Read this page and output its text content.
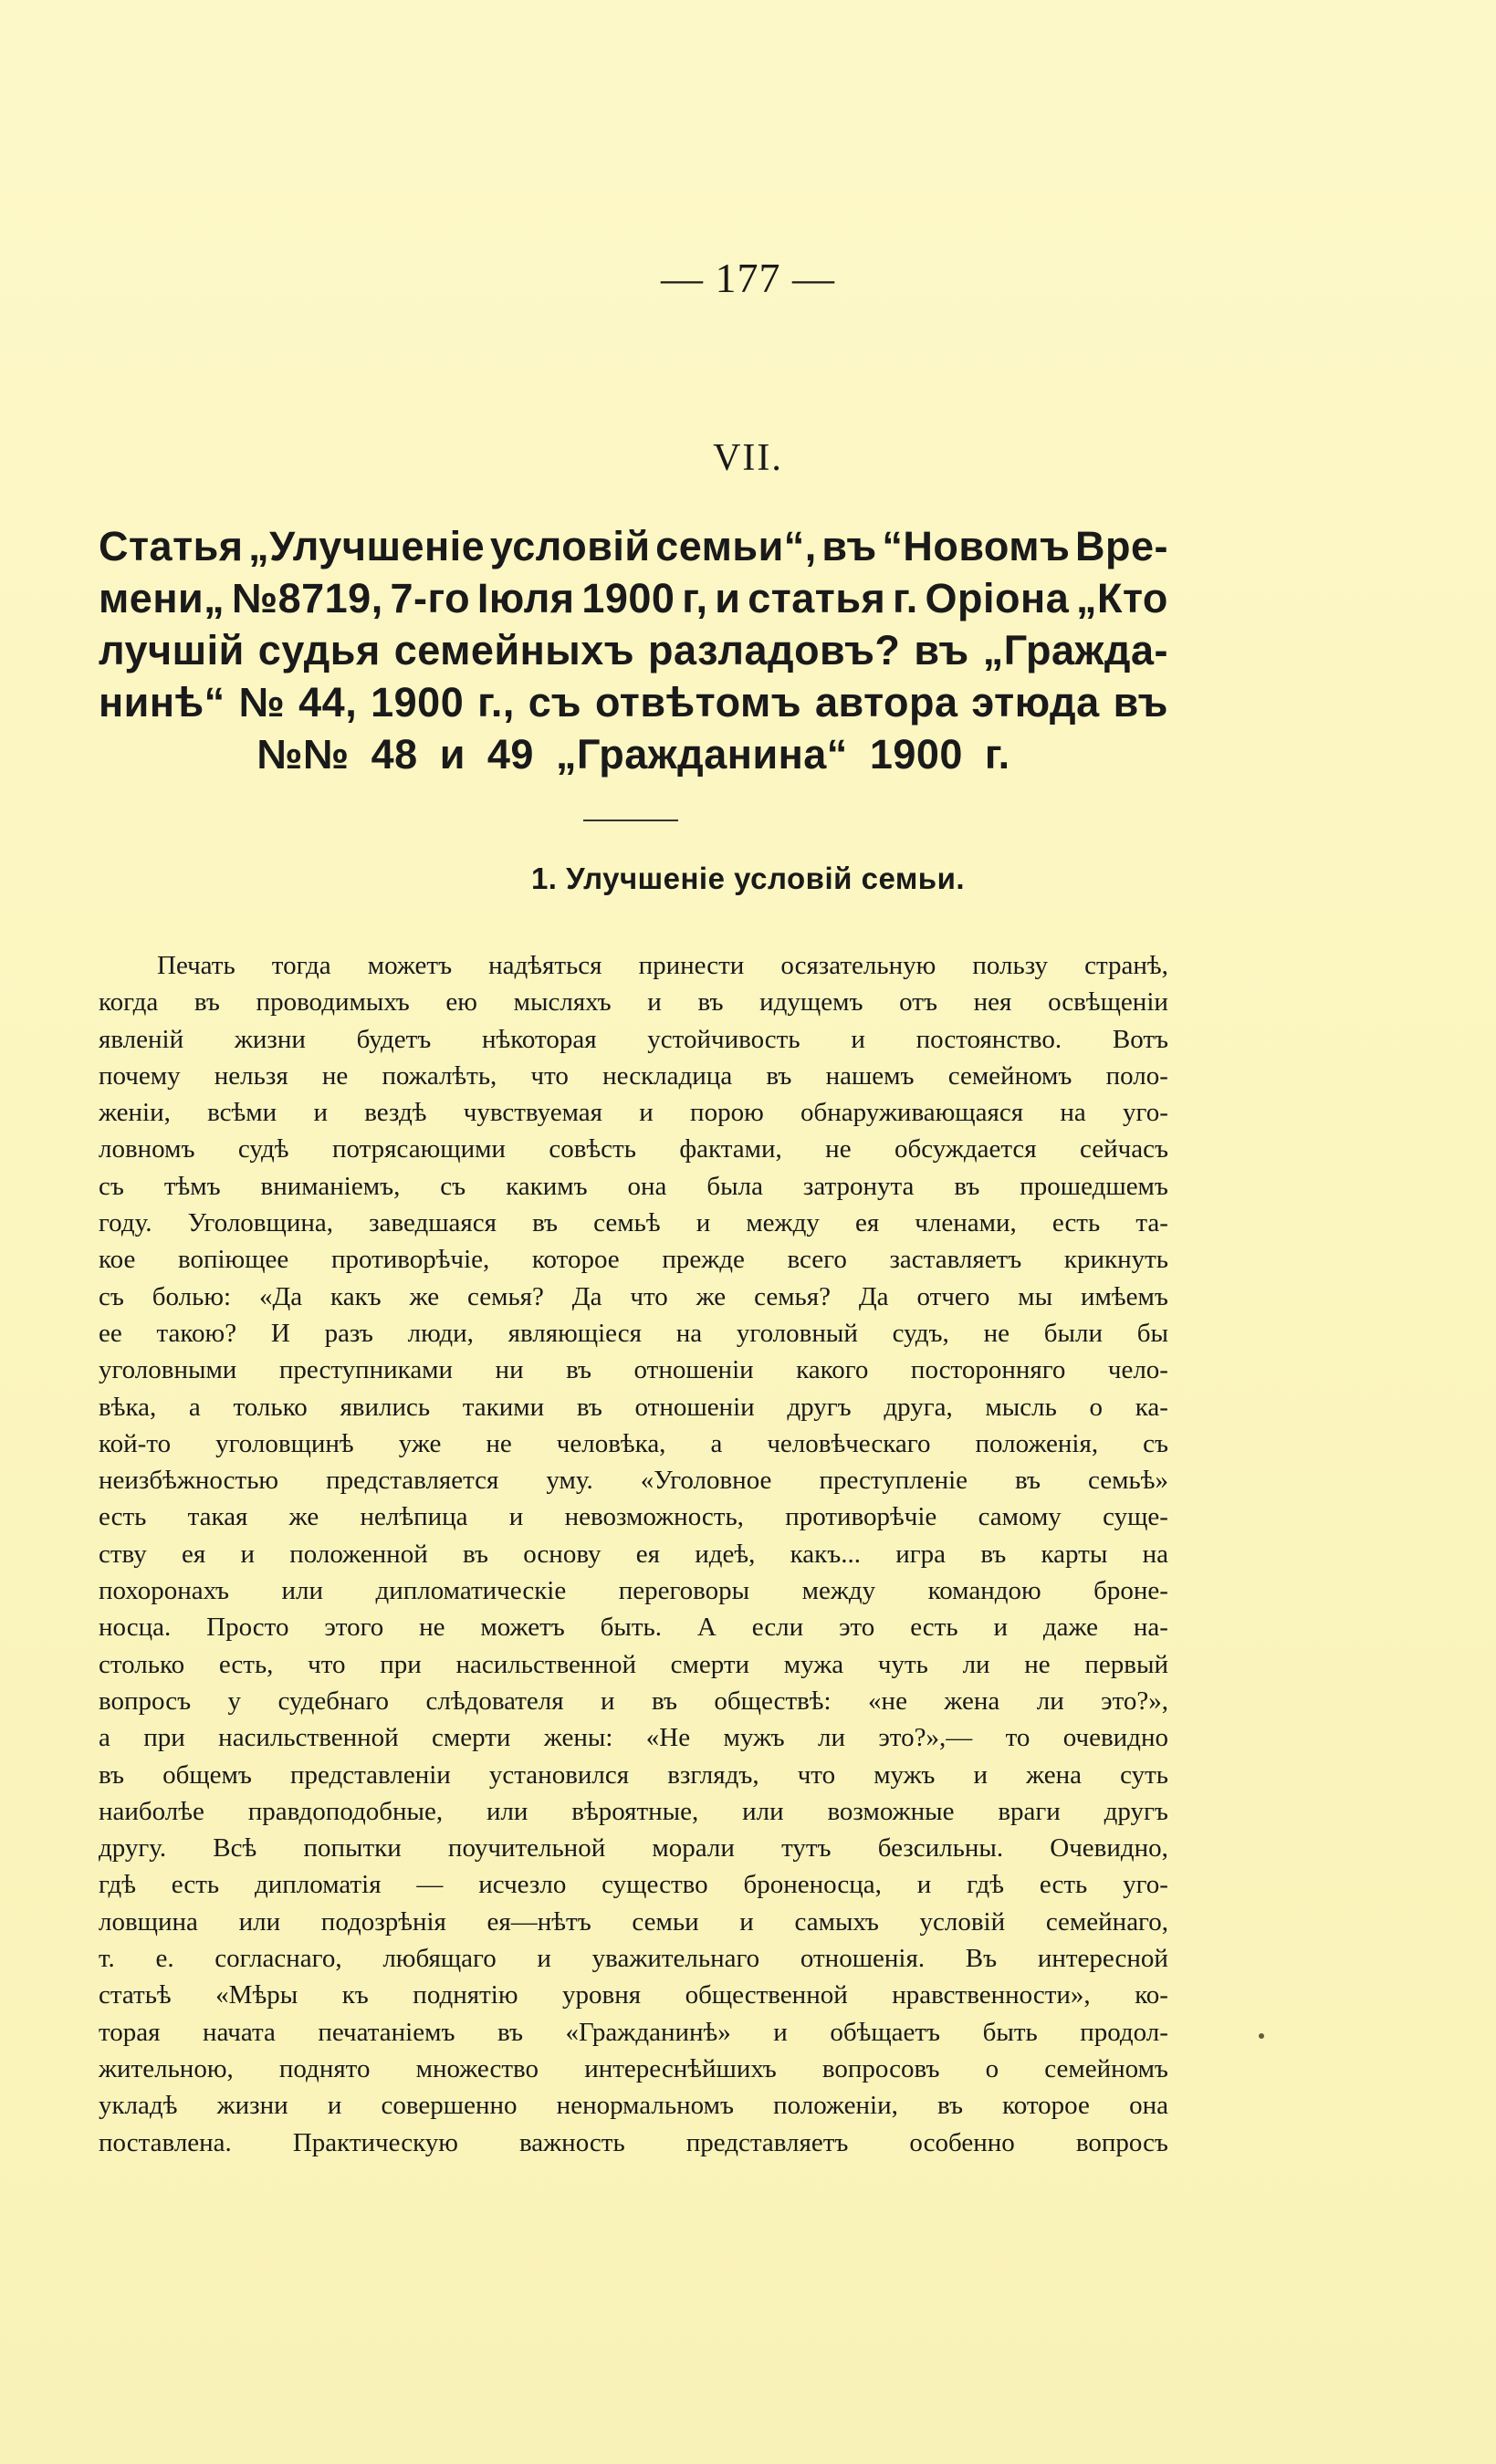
— 177 —
VII.
Статья „Улучшеніе условій семьи“, въ “Новомъ Вре-
мени„ №8719, 7-го Іюля 1900 г, и статья г. Оріона „Кто
лучшій судья семейныхъ разладовъ? въ „Гражда-
нинѣ“ № 44, 1900 г., съ отвѣтомъ автора этюда въ
№№ 48 и 49 „Гражданина“ 1900 г.
1. Улучшеніе условій семьи.
Печать тогда можетъ надѣяться принести осязательную пользу странѣ,
когда въ проводимыхъ ею мысляхъ и въ идущемъ отъ нея освѣщеніи
явленій жизни будетъ нѣкоторая устойчивость и постоянство. Вотъ
почему нельзя не пожалѣть, что нескладица въ нашемъ семейномъ поло-
женіи, всѣми и вездѣ чувствуемая и порою обнаруживающаяся на уго-
ловномъ судѣ потрясающими совѣсть фактами, не обсуждается сейчасъ
съ тѣмъ вниманіемъ, съ какимъ она была затронута въ прошедшемъ
году. Уголовщина, заведшаяся въ семьѣ и между ея членами, есть та-
кое вопіющее противорѣчіе, которое прежде всего заставляетъ крикнуть
съ болью: «Да какъ же семья? Да что же семья? Да отчего мы имѣемъ
ее такою? И разъ люди, являющіеся на уголовный судъ, не были бы
уголовными преступниками ни въ отношеніи какого посторонняго чело-
вѣка, а только явились такими въ отношеніи другъ друга, мысль о ка-
кой-то уголовщинѣ уже не человѣка, а человѣческаго положенія, съ
неизбѣжностью представляется уму. «Уголовное преступленіе въ семьѣ»
есть такая же нелѣпица и невозможность, противорѣчіе самому суще-
ству ея и положенной въ основу ея идеѣ, какъ... игра въ карты на
похоронахъ или дипломатическіе переговоры между командою броне-
носца. Просто этого не можетъ быть. А если это есть и даже на-
столько есть, что при насильственной смерти мужа чуть ли не первый
вопросъ у судебнаго слѣдователя и въ обществѣ: «не жена ли это?»,
а при насильственной смерти жены: «Не мужъ ли это?»,— то очевидно
въ общемъ представленіи установился взглядъ, что мужъ и жена суть
наиболѣе правдоподобные, или вѣроятные, или возможные враги другъ
другу. Всѣ попытки поучительной морали тутъ безсильны. Очевидно,
гдѣ есть дипломатія — исчезло существо броненосца, и гдѣ есть уго-
ловщина или подозрѣнія ея—нѣтъ семьи и самыхъ условій семейнаго,
т. е. согласнаго, любящаго и уважительнаго отношенія. Въ интересной
статьѣ «Мѣры къ поднятію уровня общественной нравственности», ко-
торая начата печатаніемъ въ «Гражданинѣ» и обѣщаетъ быть продол-
жительною, поднято множество интереснѣйшихъ вопросовъ о семейномъ
укладѣ жизни и совершенно ненормальномъ положеніи, въ которое она
поставлена. Практическую важность представляетъ особенно вопросъ
